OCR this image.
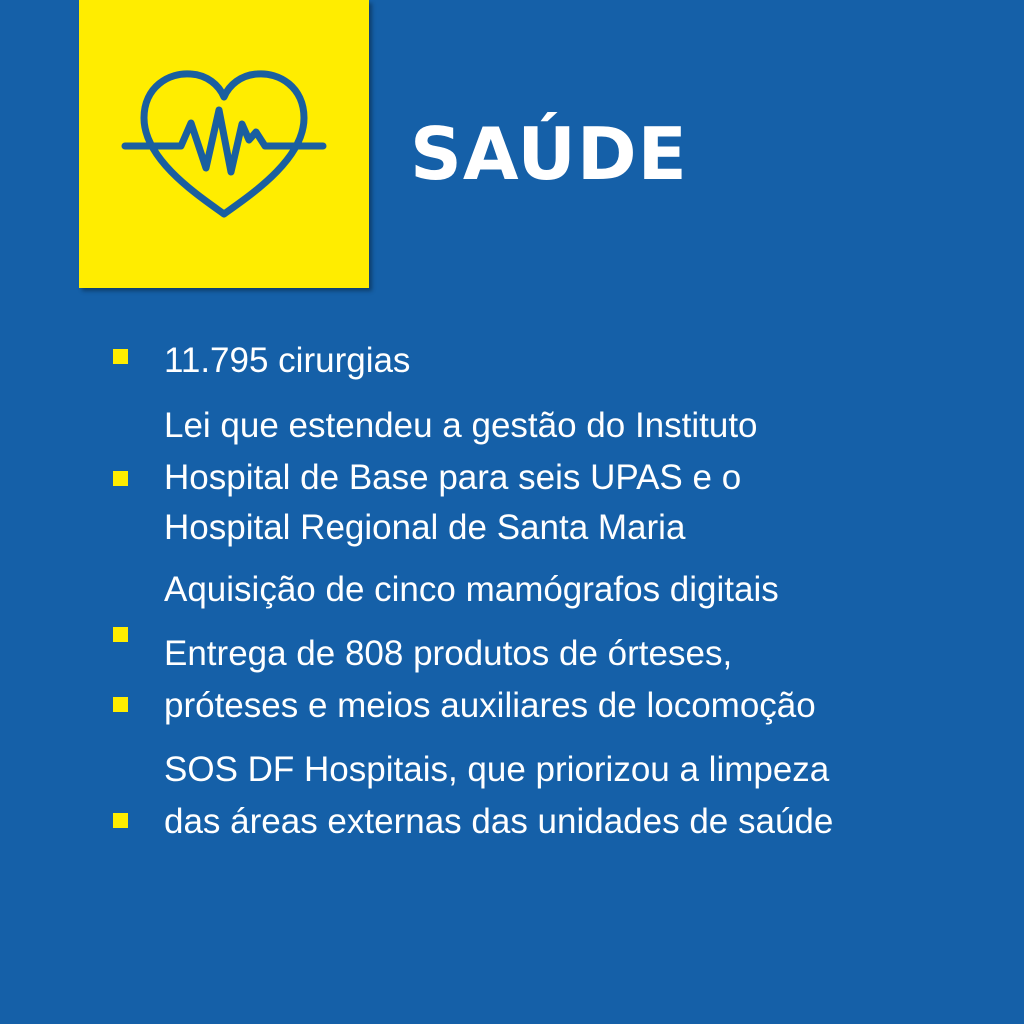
SAÚDE

11.795 cirurgias

Lei que estendeu a gestão do Instituto

Hospital de Base para seis UPAS e o

Hospital Regional de Santa Maria

Aquisição de cinco mamógrafos digitais

Entrega de 808 produtos de órteses,

próteses e meios auxiliares de locomoção

SOS DF Hospitais, que priorizou a limpeza

das áreas externas das unidades de saúde
